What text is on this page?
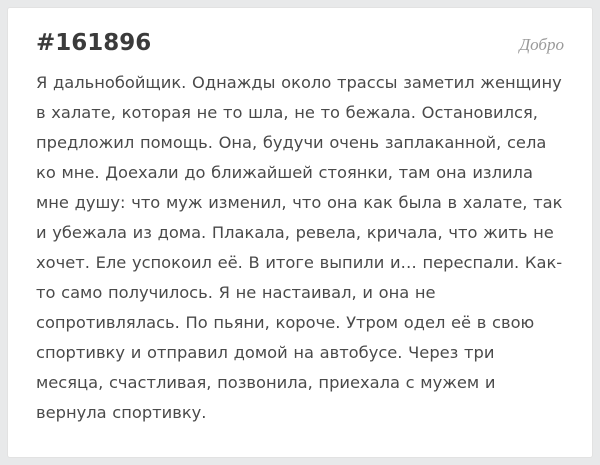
#161896	Добро
Я дальнобойщик. Однажды около трассы заметил женщину в халате, которая не то шла, не то бежала. Остановился, предложил помощь. Она, будучи очень заплаканной, села ко мне. Доехали до ближайшей стоянки, там она излила мне душу: что муж изменил, что она как была в халате, так и убежала из дома. Плакала, ревела, кричала, что жить не хочет. Еле успокоил её. В итоге выпили и… переспали. Как-то само получилось. Я не настаивал, и она не сопротивлялась. По пьяни, короче. Утром одел её в свою спортивку и отправил домой на автобусе. Через три месяца, счастливая, позвонила, приехала с мужем и вернула спортивку.
